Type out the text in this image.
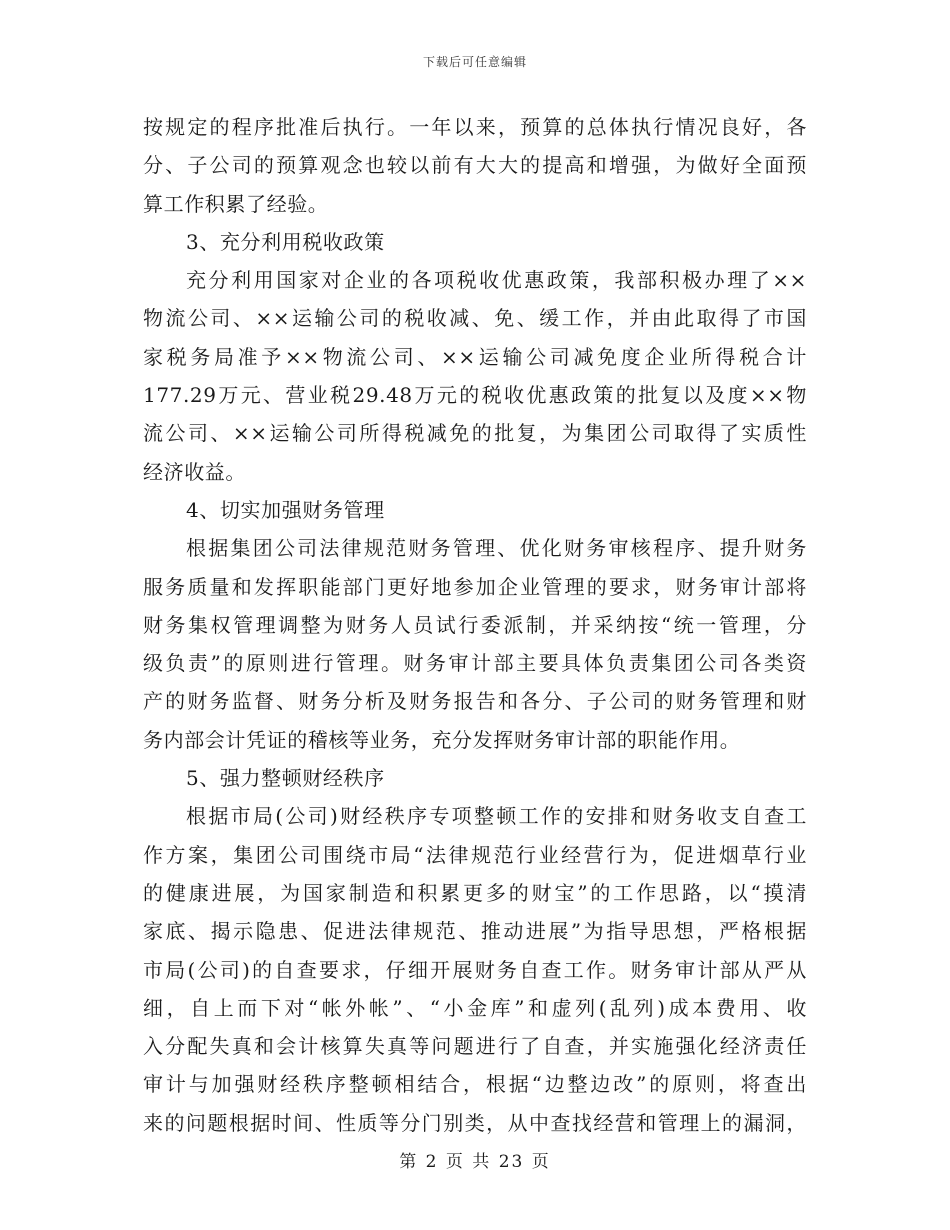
下载后可任意编辑
按规定的程序批准后执行。一年以来，预算的总体执行情况良好，各
分、子公司的预算观念也较以前有大大的提高和增强，为做好全面预
算工作积累了经验。
3、充分利用税收政策
充分利用国家对企业的各项税收优惠政策，我部积极办理了××
物流公司、××运输公司的税收减、免、缓工作，并由此取得了市国
家税务局准予××物流公司、××运输公司减免度企业所得税合计
177.29万元、营业税29.48万元的税收优惠政策的批复以及度××物
流公司、××运输公司所得税减免的批复，为集团公司取得了实质性
经济收益。
4、切实加强财务管理
根据集团公司法律规范财务管理、优化财务审核程序、提升财务
服务质量和发挥职能部门更好地参加企业管理的要求，财务审计部将
财务集权管理调整为财务人员试行委派制，并采纳按“统一管理，分
级负责”的原则进行管理。财务审计部主要具体负责集团公司各类资
产的财务监督、财务分析及财务报告和各分、子公司的财务管理和财
务内部会计凭证的稽核等业务，充分发挥财务审计部的职能作用。
5、强力整顿财经秩序
根据市局(公司)财经秩序专项整顿工作的安排和财务收支自查工
作方案，集团公司围绕市局“法律规范行业经营行为，促进烟草行业
的健康进展，为国家制造和积累更多的财宝”的工作思路，以“摸清
家底、揭示隐患、促进法律规范、推动进展”为指导思想，严格根据
市局(公司)的自查要求，仔细开展财务自查工作。财务审计部从严从
细，自上而下对“帐外帐”、“小金库”和虚列(乱列)成本费用、收
入分配失真和会计核算失真等问题进行了自查，并实施强化经济责任
审计与加强财经秩序整顿相结合，根据“边整边改”的原则，将查出
来的问题根据时间、性质等分门别类，从中查找经营和管理上的漏洞，
第 2 页 共 23 页
